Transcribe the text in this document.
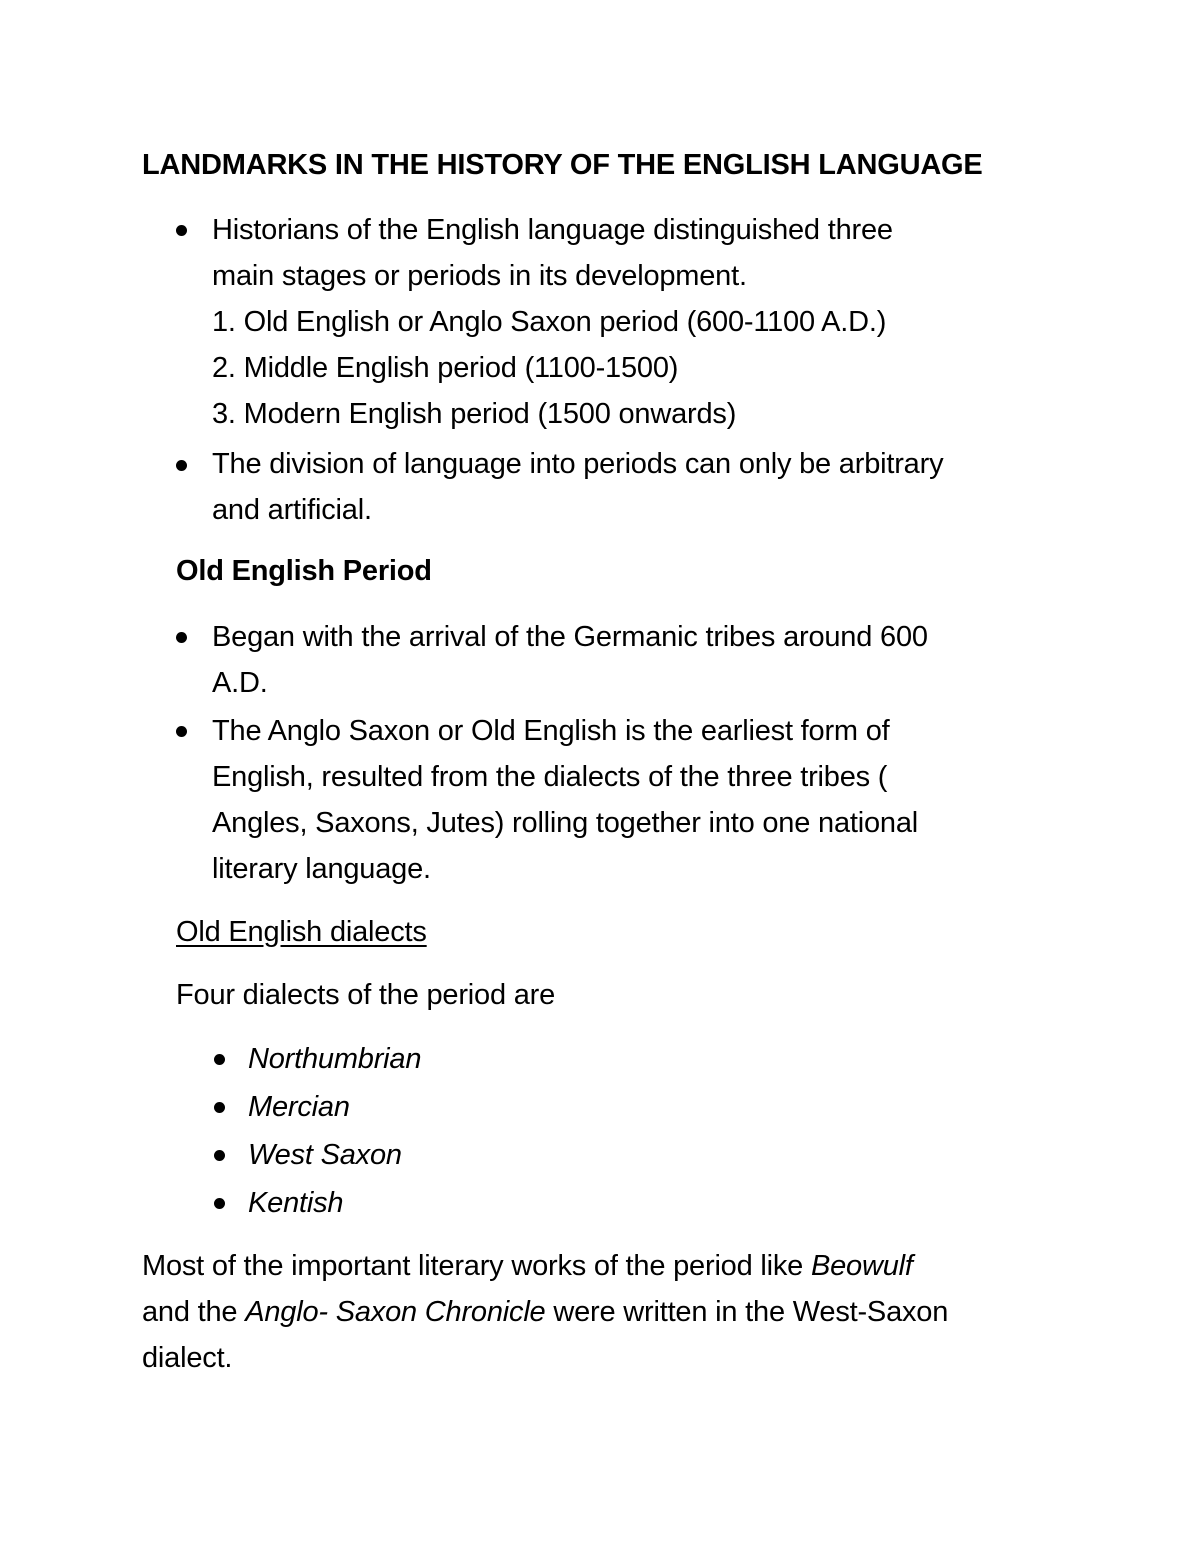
LANDMARKS IN THE HISTORY OF THE ENGLISH LANGUAGE
Historians of the English language distinguished three
main stages or periods in its development.
1. Old English or Anglo Saxon period (600-1100 A.D.)
2. Middle English period (1100-1500)
3. Modern English period (1500 onwards)
The division of language into periods can only be arbitrary
and artificial.
Old English Period
Began with the arrival of the Germanic tribes around 600
A.D.
The Anglo Saxon or Old English is the earliest form of
English, resulted from the dialects of the three tribes (
Angles, Saxons, Jutes) rolling together into one national
literary language.
Old English dialects
Four dialects of the period are
Northumbrian
Mercian
West Saxon
Kentish
Most of the important literary works of the period like Beowulf
and the Anglo- Saxon Chronicle were written in the West-Saxon
dialect.
